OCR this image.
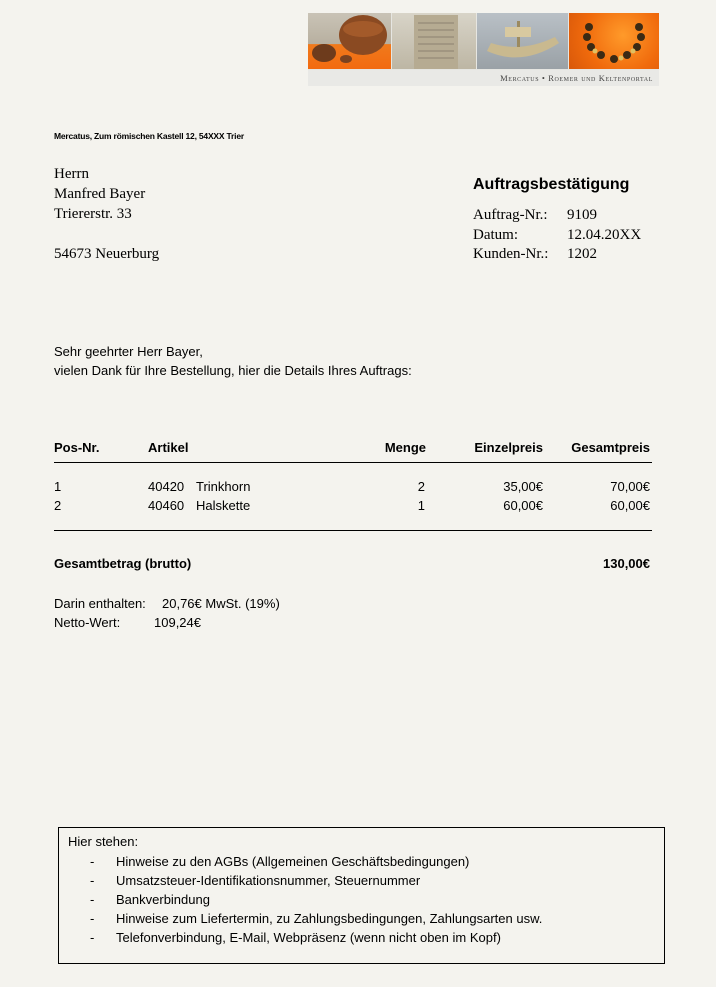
Mercatus • Roemer und Keltenportal
Mercatus, Zum römischen Kastell 12, 54XXX Trier
Herrn
Manfred Bayer
Triererstr. 33
54673 Neuerburg
Auftragsbestätigung
Auftrag-Nr.: 9109
Datum:	12.04.20XX
Kunden-Nr.: 1202
Sehr geehrter Herr Bayer,
vielen Dank für Ihre Bestellung, hier die Details Ihres Auftrags:
Pos-Nr.	Artikel	Menge	Einzelpreis Gesamtpreis
1	40420 Trinkhorn	2	35,00€	70,00€
2	40460 Halskette	1	60,00€	60,00€
Gesamtbetrag (brutto)	130,00€
Darin enthalten: 20,76€ MwSt. (19%)
Netto-Wert:	109,24€
Hier stehen:
- Hinweise zu den AGBs (Allgemeinen Geschäftsbedingungen)
- Umsatzsteuer-Identifikationsnummer, Steuernummer
- Bankverbindung
- Hinweise zum Liefertermin, zu Zahlungsbedingungen, Zahlungsarten usw.
- Telefonverbindung, E-Mail, Webpräsenz (wenn nicht oben im Kopf)
